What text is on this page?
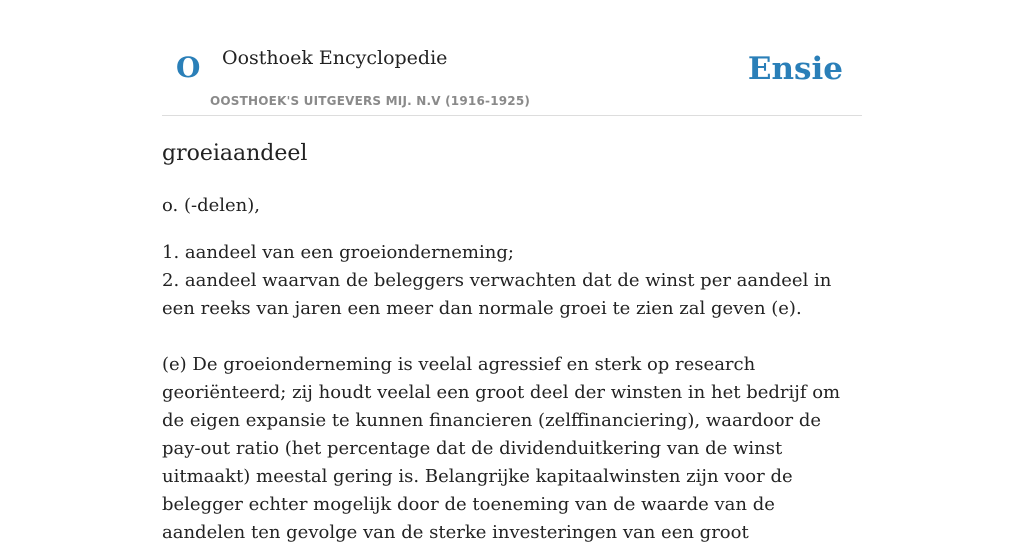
O Oosthoek Encyclopedie
OOSTHOEK'S UITGEVERS MIJ. N.V (1916-1925)
Ensie
groeiaandeel

o. (-delen),

1. aandeel van een groeionderneming;

2. aandeel waarvan de beleggers verwachten dat de winst per aandeel in een reeks van jaren een meer dan normale groei te zien zal geven (e).

(e) De groeionderneming is veelal agressief en sterk op research georiënteerd; zij houdt veelal een groot deel der winsten in het bedrijf om de eigen expansie te kunnen financieren (zelffinanciering), waardoor de pay-out ratio (het percentage dat de dividenduitkering van de winst uitmaakt) meestal gering is. Belangrijke kapitaalwinsten zijn voor de belegger echter mogelijk door de toeneming van de waarde van de aandelen ten gevolge van de sterke investeringen van een groot
